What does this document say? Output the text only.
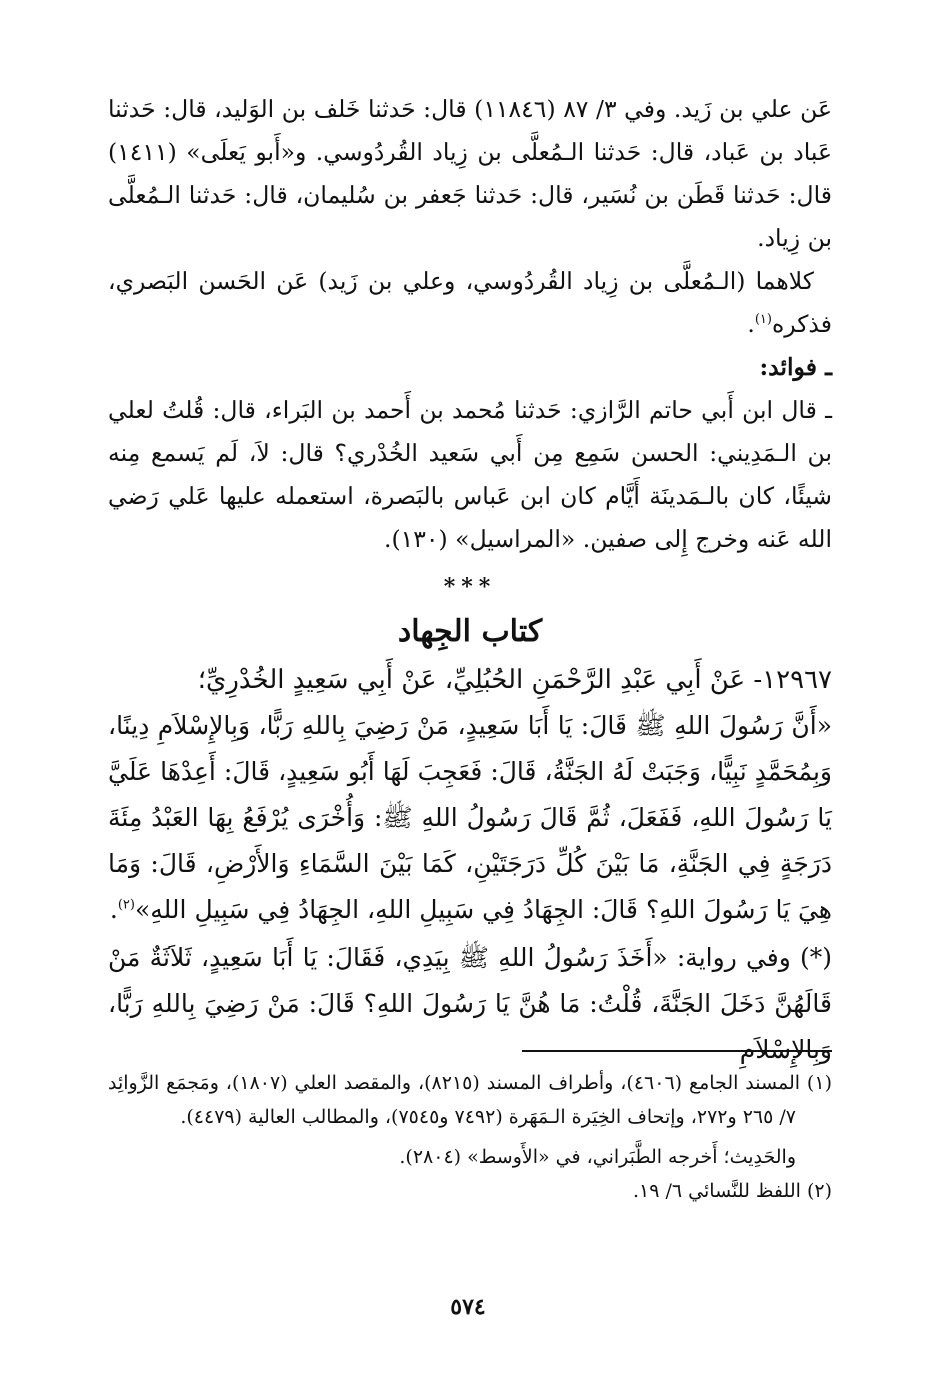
عَن علي بن زَيد. وفي ٣/ ٨٧ (١١٨٤٦) قال: حَدثنا خَلف بن الوَليد، قال: حَدثنا عَباد بن عَباد، قال: حَدثنا الـمُعلَّى بن زِياد القُردُوسي. و«أَبو يَعلَى» (١٤١١) قال: حَدثنا قَطَن بن نُسَير، قال: حَدثنا جَعفر بن سُليمان، قال: حَدثنا الـمُعلَّى بن زِياد.

كلاهما (الـمُعلَّى بن زِياد القُردُوسي، وعلي بن زَيد) عَن الحَسن البَصري، فذكره$^{(١)}$.

ـ فوائد:

ـ قال ابن أَبي حاتم الرَّازي: حَدثنا مُحمد بن أَحمد بن البَراء، قال: قُلتُ لعلي بن الـمَدِيني: الحسن سَمِع مِن أَبي سَعيد الخُدْري؟ قال: لاَ، لَم يَسمع مِنه شيئًا، كان بالـمَدينَة أَيَّام كان ابن عَباس بالبَصرة، استعمله عليها عَلي رَضي الله عَنه وخرج إِلى صفين. «المراسيل» (١٣٠).

***
كتاب الجِهاد

١٢٩٦٧- عَنْ أَبِي عَبْدِ الرَّحْمَنِ الحُبُلِيِّ، عَنْ أَبِي سَعِيدٍ الخُدْرِيِّ؛

«أَنَّ رَسُولَ اللهِ ﷺ قَالَ: يَا أَبَا سَعِيدٍ، مَنْ رَضِيَ بِاللهِ رَبًّا، وَبِالإِسْلاَمِ دِينًا، وَبِمُحَمَّدٍ نَبِيًّا، وَجَبَتْ لَهُ الجَنَّةُ، قَالَ: فَعَجِبَ لَهَا أَبُو سَعِيدٍ، قَالَ: أَعِدْهَا عَلَيَّ يَا رَسُولَ اللهِ، فَفَعَلَ، ثُمَّ قَالَ رَسُولُ اللهِ ﷺ: وَأُخْرَى يُرْفَعُ بِهَا العَبْدُ مِئَةَ دَرَجَةٍ فِي الجَنَّةِ، مَا بَيْنَ كُلِّ دَرَجَتَيْنِ، كَمَا بَيْنَ السَّمَاءِ وَالأَرْضِ، قَالَ: وَمَا هِيَ يَا رَسُولَ اللهِ؟ قَالَ: الجِهَادُ فِي سَبِيلِ اللهِ، الجِهَادُ فِي سَبِيلِ اللهِ»$^{(٢)}$.

(*) وفي رواية: «أَخَذَ رَسُولُ اللهِ ﷺ بِيَدِي، فَقَالَ: يَا أَبَا سَعِيدٍ، ثَلاَثَةٌ مَنْ قَالَهُنَّ دَخَلَ الجَنَّةَ، قُلْتُ: مَا هُنَّ يَا رَسُولَ اللهِ؟ قَالَ: مَنْ رَضِيَ بِاللهِ رَبًّا، وَبِالإِسْلاَمِ

(١) المسند الجامع (٤٦٠٦)، وأطراف المسند (٨٢١٥)، والمقصد العلي (١٨٠٧)، ومَجمَع الزَّوائِد ٧/ ٢٦٥ و٢٧٢، وإتحاف الخِيَرة الـمَهَرة (٧٤٩٢ و٧٥٤٥)، والمطالب العالية (٤٤٧٩).

والحَدِيث؛ أَخرجه الطَّبَراني، في «الأَوسط» (٢٨٠٤).

(٢) اللفظ للنَّسائي ٦/ ١٩.

٥٧٤
